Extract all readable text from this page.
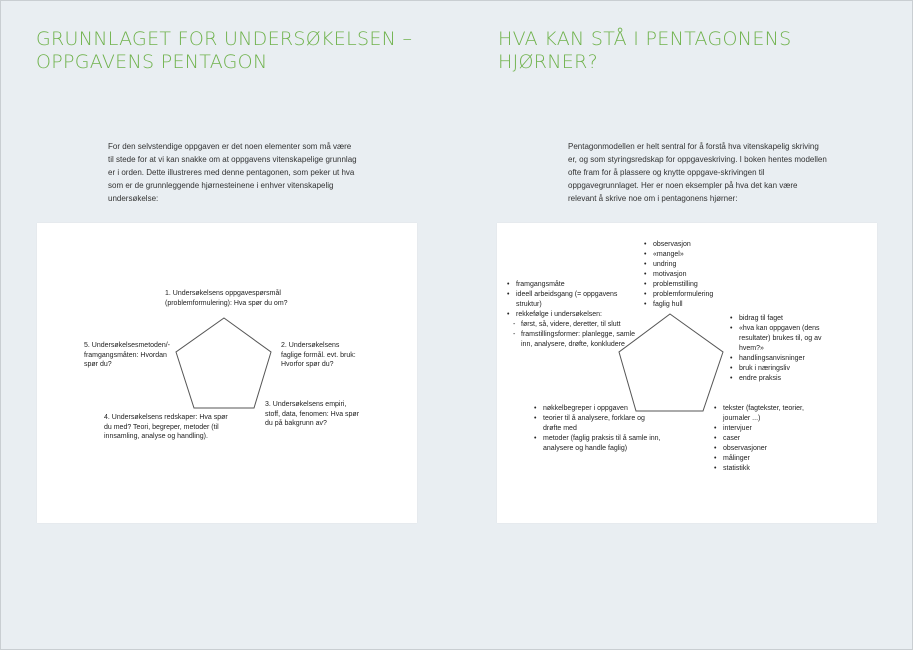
GRUNNLAGET FOR UNDERSØKELSEN – OPPGAVENS PENTAGON
HVA KAN STÅ I PENTAGONENS HJØRNER?
For den selvstendige oppgaven er det noen elementer som må være til stede for at vi kan snakke om at oppgavens vitenskapelige grunnlag er i orden. Dette illustreres med denne pentagonen, som peker ut hva som er de grunnleggende hjørnesteinene i enhver vitenskapelig undersøkelse:
Pentagonmodellen er helt sentral for å forstå hva vitenskapelig skriving er, og som styringsredskap for oppgaveskriving. I boken hentes modellen ofte fram for å plassere og knytte oppgave-skrivingen til oppgavegrunnlaget. Her er noen eksempler på hva det kan være relevant å skrive noe om i pentagonens hjørner:
1. Undersøkelsens oppgavespørsmål (problemformulering): Hva spør du om?
2. Undersøkelsens faglige formål. evt. bruk: Hvorfor spør du?
3. Undersøkelsens empiri, stoff, data, fenomen: Hva spør du på bakgrunn av?
4. Undersøkelsens redskaper: Hva spør du med? Teori, begreper, metoder (til innsamling, analyse og handling).
5. Undersøkelsesmetoden/-framgangsmåten: Hvordan spør du?
• observasjon
• «mangel»
• undring
• motivasjon
• problemstilling
• problemformulering
• faglig hull
• framgangsmåte
• ideell arbeidsgang (= oppgavens struktur)
• rekkefølge i undersøkelsen:
- først, så, videre, deretter, til slutt
- framstillingsformer: planlegge, samle inn, analysere, drøfte, konkludere
• bidrag til faget
• «hva kan oppgaven (dens resultater) brukes til, og av hvem?»
• handlingsanvisninger
• bruk i næringsliv
• endre praksis
• nøkkelbegreper i oppgaven
• teorier til å analysere, forklare og drøfte med
• metoder (faglig praksis til å samle inn, analysere og handle faglig)
• tekster (fagtekster, teorier, journaler ...)
• intervjuer
• caser
• observasjoner
• målinger
• statistikk
